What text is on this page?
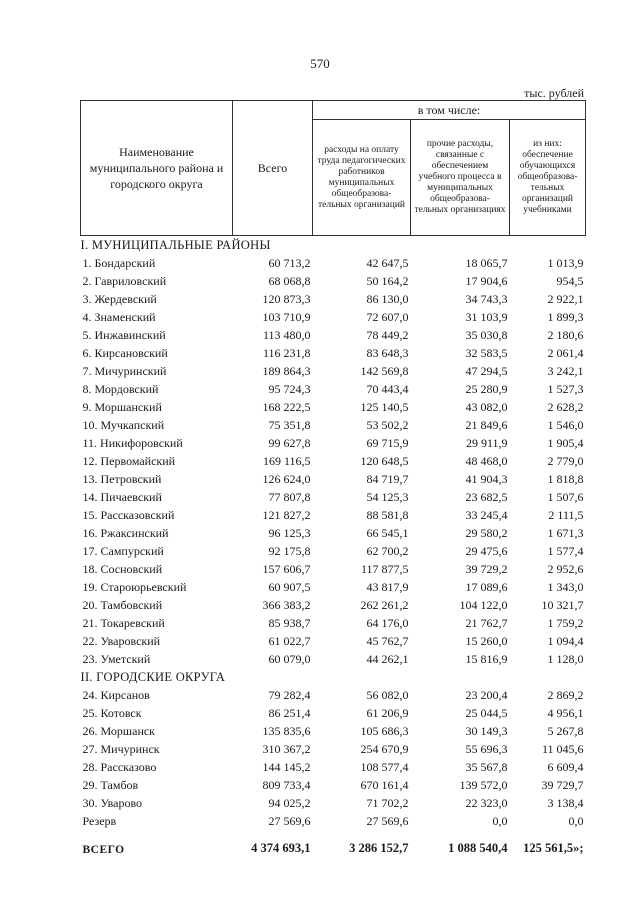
570
тыс. рублей
Наименование муниципального района и городского округа	Всего	в том числе:		
		расходы на оплату труда педагогических работников муниципальных общеобразова- тельных организаций	прочие расходы, связанные с обеспечением учебного процесса в муниципальных общеобразова- тельных организациях	из них: обеспечение обучающихся общеобразова- тельных организаций учебниками
I. МУНИЦИПАЛЬНЫЕ РАЙОНЫ				
1. Бондарский	60 713,2	42 647,5	18 065,7	1 013,9
2. Гавриловский	68 068,8	50 164,2	17 904,6	954,5
3. Жердевский	120 873,3	86 130,0	34 743,3	2 922,1
4. Знаменский	103 710,9	72 607,0	31 103,9	1 899,3
5. Инжавинский	113 480,0	78 449,2	35 030,8	2 180,6
6. Кирсановский	116 231,8	83 648,3	32 583,5	2 061,4
7. Мичуринский	189 864,3	142 569,8	47 294,5	3 242,1
8. Мордовский	95 724,3	70 443,4	25 280,9	1 527,3
9. Моршанский	168 222,5	125 140,5	43 082,0	2 628,2
10. Мучкапский	75 351,8	53 502,2	21 849,6	1 546,0
11. Никифоровский	99 627,8	69 715,9	29 911,9	1 905,4
12. Первомайский	169 116,5	120 648,5	48 468,0	2 779,0
13. Петровский	126 624,0	84 719,7	41 904,3	1 818,8
14. Пичаевский	77 807,8	54 125,3	23 682,5	1 507,6
15. Рассказовский	121 827,2	88 581,8	33 245,4	2 111,5
16. Ржаксинский	96 125,3	66 545,1	29 580,2	1 671,3
17. Сампурский	92 175,8	62 700,2	29 475,6	1 577,4
18. Сосновский	157 606,7	117 877,5	39 729,2	2 952,6
19. Староюрьевский	60 907,5	43 817,9	17 089,6	1 343,0
20. Тамбовский	366 383,2	262 261,2	104 122,0	10 321,7
21. Токаревский	85 938,7	64 176,0	21 762,7	1 759,2
22. Уваровский	61 022,7	45 762,7	15 260,0	1 094,4
23. Уметский	60 079,0	44 262,1	15 816,9	1 128,0
II. ГОРОДСКИЕ ОКРУГА				
24. Кирсанов	79 282,4	56 082,0	23 200,4	2 869,2
25. Котовск	86 251,4	61 206,9	25 044,5	4 956,1
26. Моршанск	135 835,6	105 686,3	30 149,3	5 267,8
27. Мичуринск	310 367,2	254 670,9	55 696,3	11 045,6
28. Рассказово	144 145,2	108 577,4	35 567,8	6 609,4
29. Тамбов	809 733,4	670 161,4	139 572,0	39 729,7
30. Уварово	94 025,2	71 702,2	22 323,0	3 138,4
Резерв	27 569,6	27 569,6	0,0	0,0
ВСЕГО	4 374 693,1	3 286 152,7	1 088 540,4	125 561,5»;
